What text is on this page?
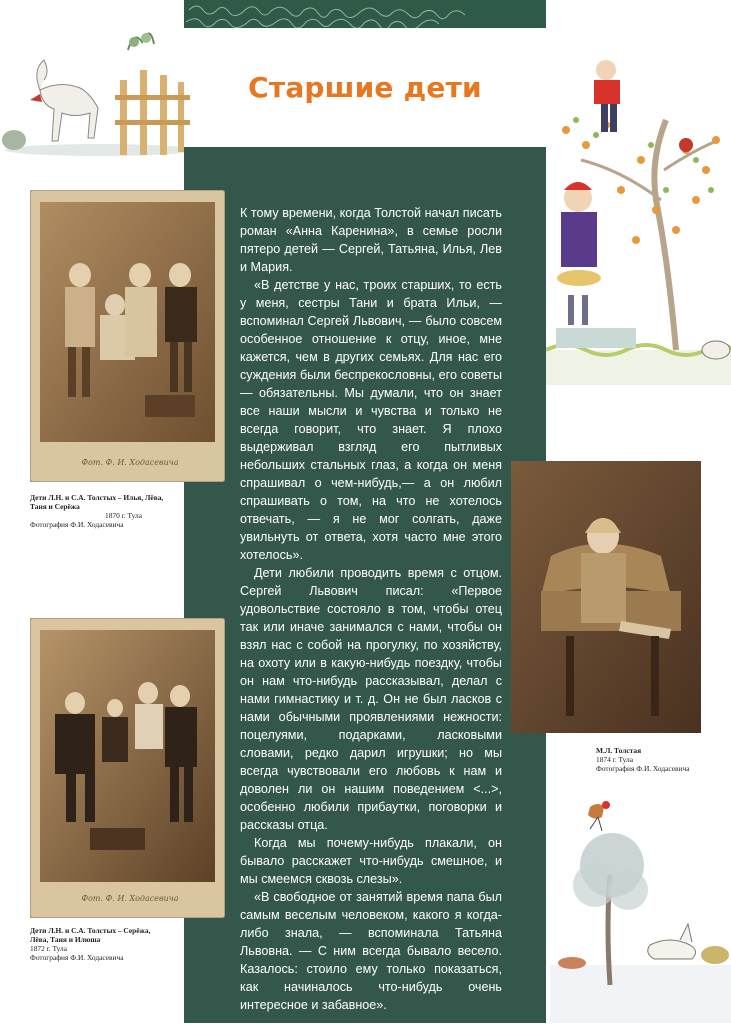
Старшие дети
Фот. Ф. И. Ходасевича
Дети Л.Н. и С.А. Толстых – Илья, Лёва, Таня и Серёжа
1870 г. Тула
Фотография Ф.И. Ходасевича
Фот. Ф. И. Ходасевича
Дети Л.Н. и С.А. Толстых – Серёжа, Лёва, Таня и Илюша
1872 г. Тула
Фотография Ф.И. Ходасевича
М.Л. Толстая
1874 г. Тула
Фотография Ф.И. Ходасевича

К тому времени, когда Толстой начал писать роман «Анна Каренина», в семье росли пятеро детей — Сергей, Татьяна, Илья, Лев и Мария.

«В детстве у нас, троих старших, то есть у меня, сестры Тани и брата Ильи, — вспоминал Сергей Львович, — было совсем особенное отношение к отцу, иное, мне кажется, чем в других семьях. Для нас его суждения были беспрекословны, его советы — обязательны. Мы думали, что он знает все наши мысли и чувства и только не всегда говорит, что знает. Я плохо выдерживал взгляд его пытливых небольших стальных глаз, а когда он меня спрашивал о чем-нибудь,— а он любил спрашивать о том, на что не хотелось отвечать, — я не мог солгать, даже увильнуть от ответа, хотя часто мне этого хотелось».

Дети любили проводить время с отцом. Сергей Львович писал: «Первое удовольствие состояло в том, чтобы отец так или иначе занимался с нами, чтобы он взял нас с собой на прогулку, по хозяйству, на охоту или в какую-нибудь поездку, чтобы он нам что-нибудь рассказывал, делал с нами гимнастику и т. д. Он не был ласков с нами обычными проявлениями нежности: поцелуями, подарками, ласковыми словами, редко дарил игрушки; но мы всегда чувствовали его любовь к нам и доволен ли он нашим поведением <...>, особенно любили прибаутки, поговорки и рассказы отца.

Когда мы почему-нибудь плакали, он бывало расскажет что-нибудь смешное, и мы смеемся сквозь слезы».

«В свободное от занятий время папа был самым веселым человеком, какого я когда-либо знала, — вспоминала Татьяна Львовна. — С ним всегда бывало весело. Казалось: стоило ему только показаться, как начиналось что-нибудь очень интересное и забавное».
